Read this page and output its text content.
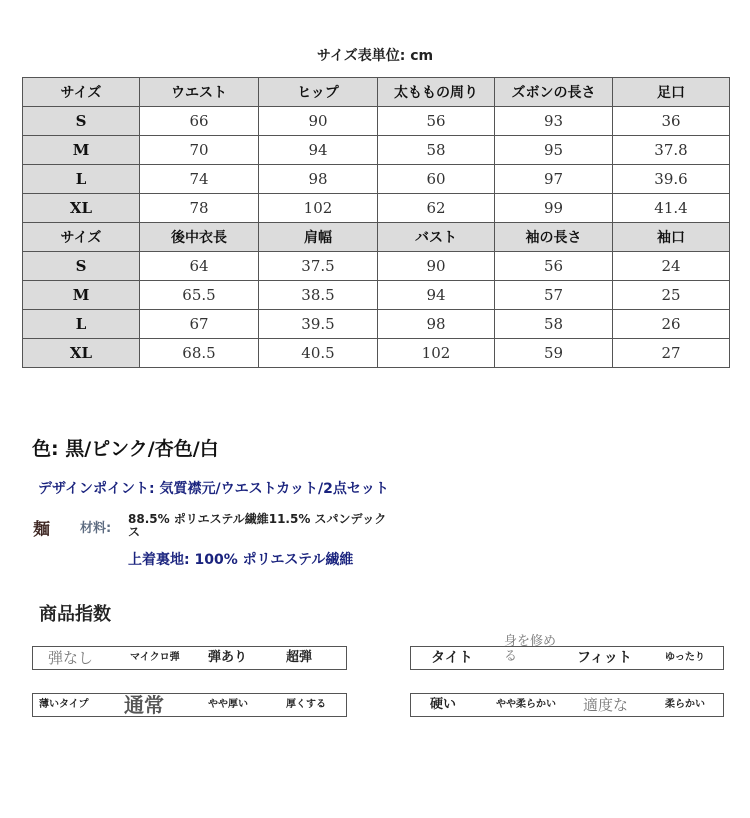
サイズ表単位: cm
サイズ	ウエスト	ヒップ	太ももの周り	ズボンの長さ	足口
S	66	90	56	93	36
M	70	94	58	95	37.8
L	74	98	60	97	39.6
XL	78	102	62	99	41.4
サイズ	後中衣長	肩幅	バスト	袖の長さ	袖口
S	64	37.5	90	56	24
M	65.5	38.5	94	57	25
L	67	39.5	98	58	26
XL	68.5	40.5	102	59	27
色: 黒/ピンク/杏色/白
デザインポイント: 気質襟元/ウエストカット/2点セット
麺 材料:
88.5% ポリエステル繊維11.5% スパンデックス
上着裏地: 100% ポリエステル繊維
商品指数
弾なし	マイクロ弾 弾あり	超弾	タイト
身を修める	フィット	ゆったり
薄いタイプ 通常	やや厚い	厚くする	硬い	やや柔らかい 適度な	柔らかい
